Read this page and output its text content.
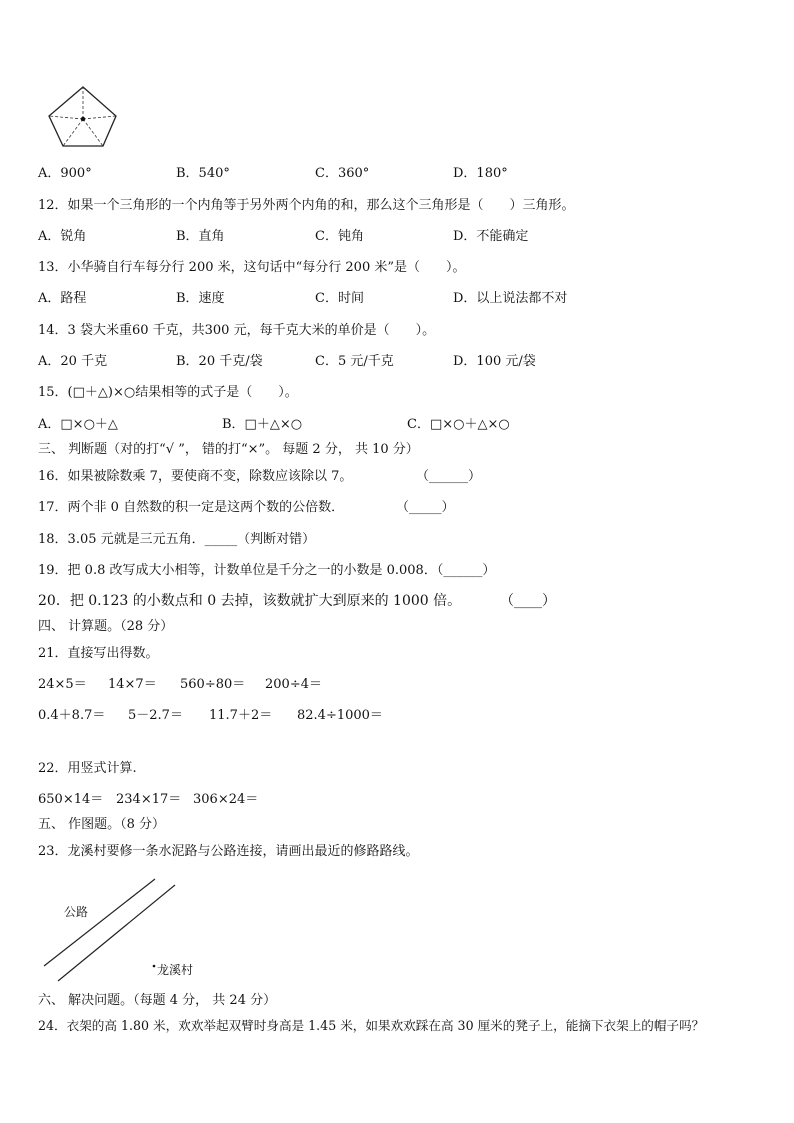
A．900°	B．540°	C．360°	D．180°
12．如果一个三角形的一个内角等于另外两个内角的和，那么这个三角形是（　　）三角形。
A．锐角	B．直角	C．钝角	D．不能确定
13．小华骑自行车每分行 200 米，这句话中“每分行 200 米”是（　　）。
A．路程	B．速度	C．时间	D．以上说法都不对
14．3 袋大米重60 千克，共300 元，每千克大米的单价是（　　）。
A．20 千克	B．20 千克/袋	C．5 元/千克	D．100 元/袋
15．(□＋△)×○结果相等的式子是（　　）。
A．□×○＋△	B．□＋△×○	C．□×○＋△×○
三、 判断题（对的打“√ ”， 错的打“×”。 每题 2 分， 共 10 分）
16．如果被除数乘 7，要使商不变，除数应该除以 7。	（______）
17．两个非 0 自然数的积一定是这两个数的公倍数．	（_____）
18．3.05 元就是三元五角．_____（判断对错）
19．把 0.8 改写成大小相等，计数单位是千分之一的小数是 0.008．（______）
20．把 0.123 的小数点和 0 去掉，该数就扩大到原来的 1000 倍。	（____）
四、 计算题。（28 分）
21．直接写出得数。
24×5＝ 14×7＝ 560÷80＝ 200÷4＝
0.4＋8.7＝ 5－2.7＝ 11.7＋2＝ 82.4÷1000＝
22．用竖式计算.
650×14＝ 234×17＝ 306×24＝
五、 作图题。（8 分）
23．龙溪村要修一条水泥路与公路连接，请画出最近的修路路线。
公路
龙溪村
六、 解决问题。（每题 4 分， 共 24 分）
24．衣架的高 1.80 米，欢欢举起双臂时身高是 1.45 米，如果欢欢踩在高 30 厘米的凳子上，能摘下衣架上的帽子吗？
